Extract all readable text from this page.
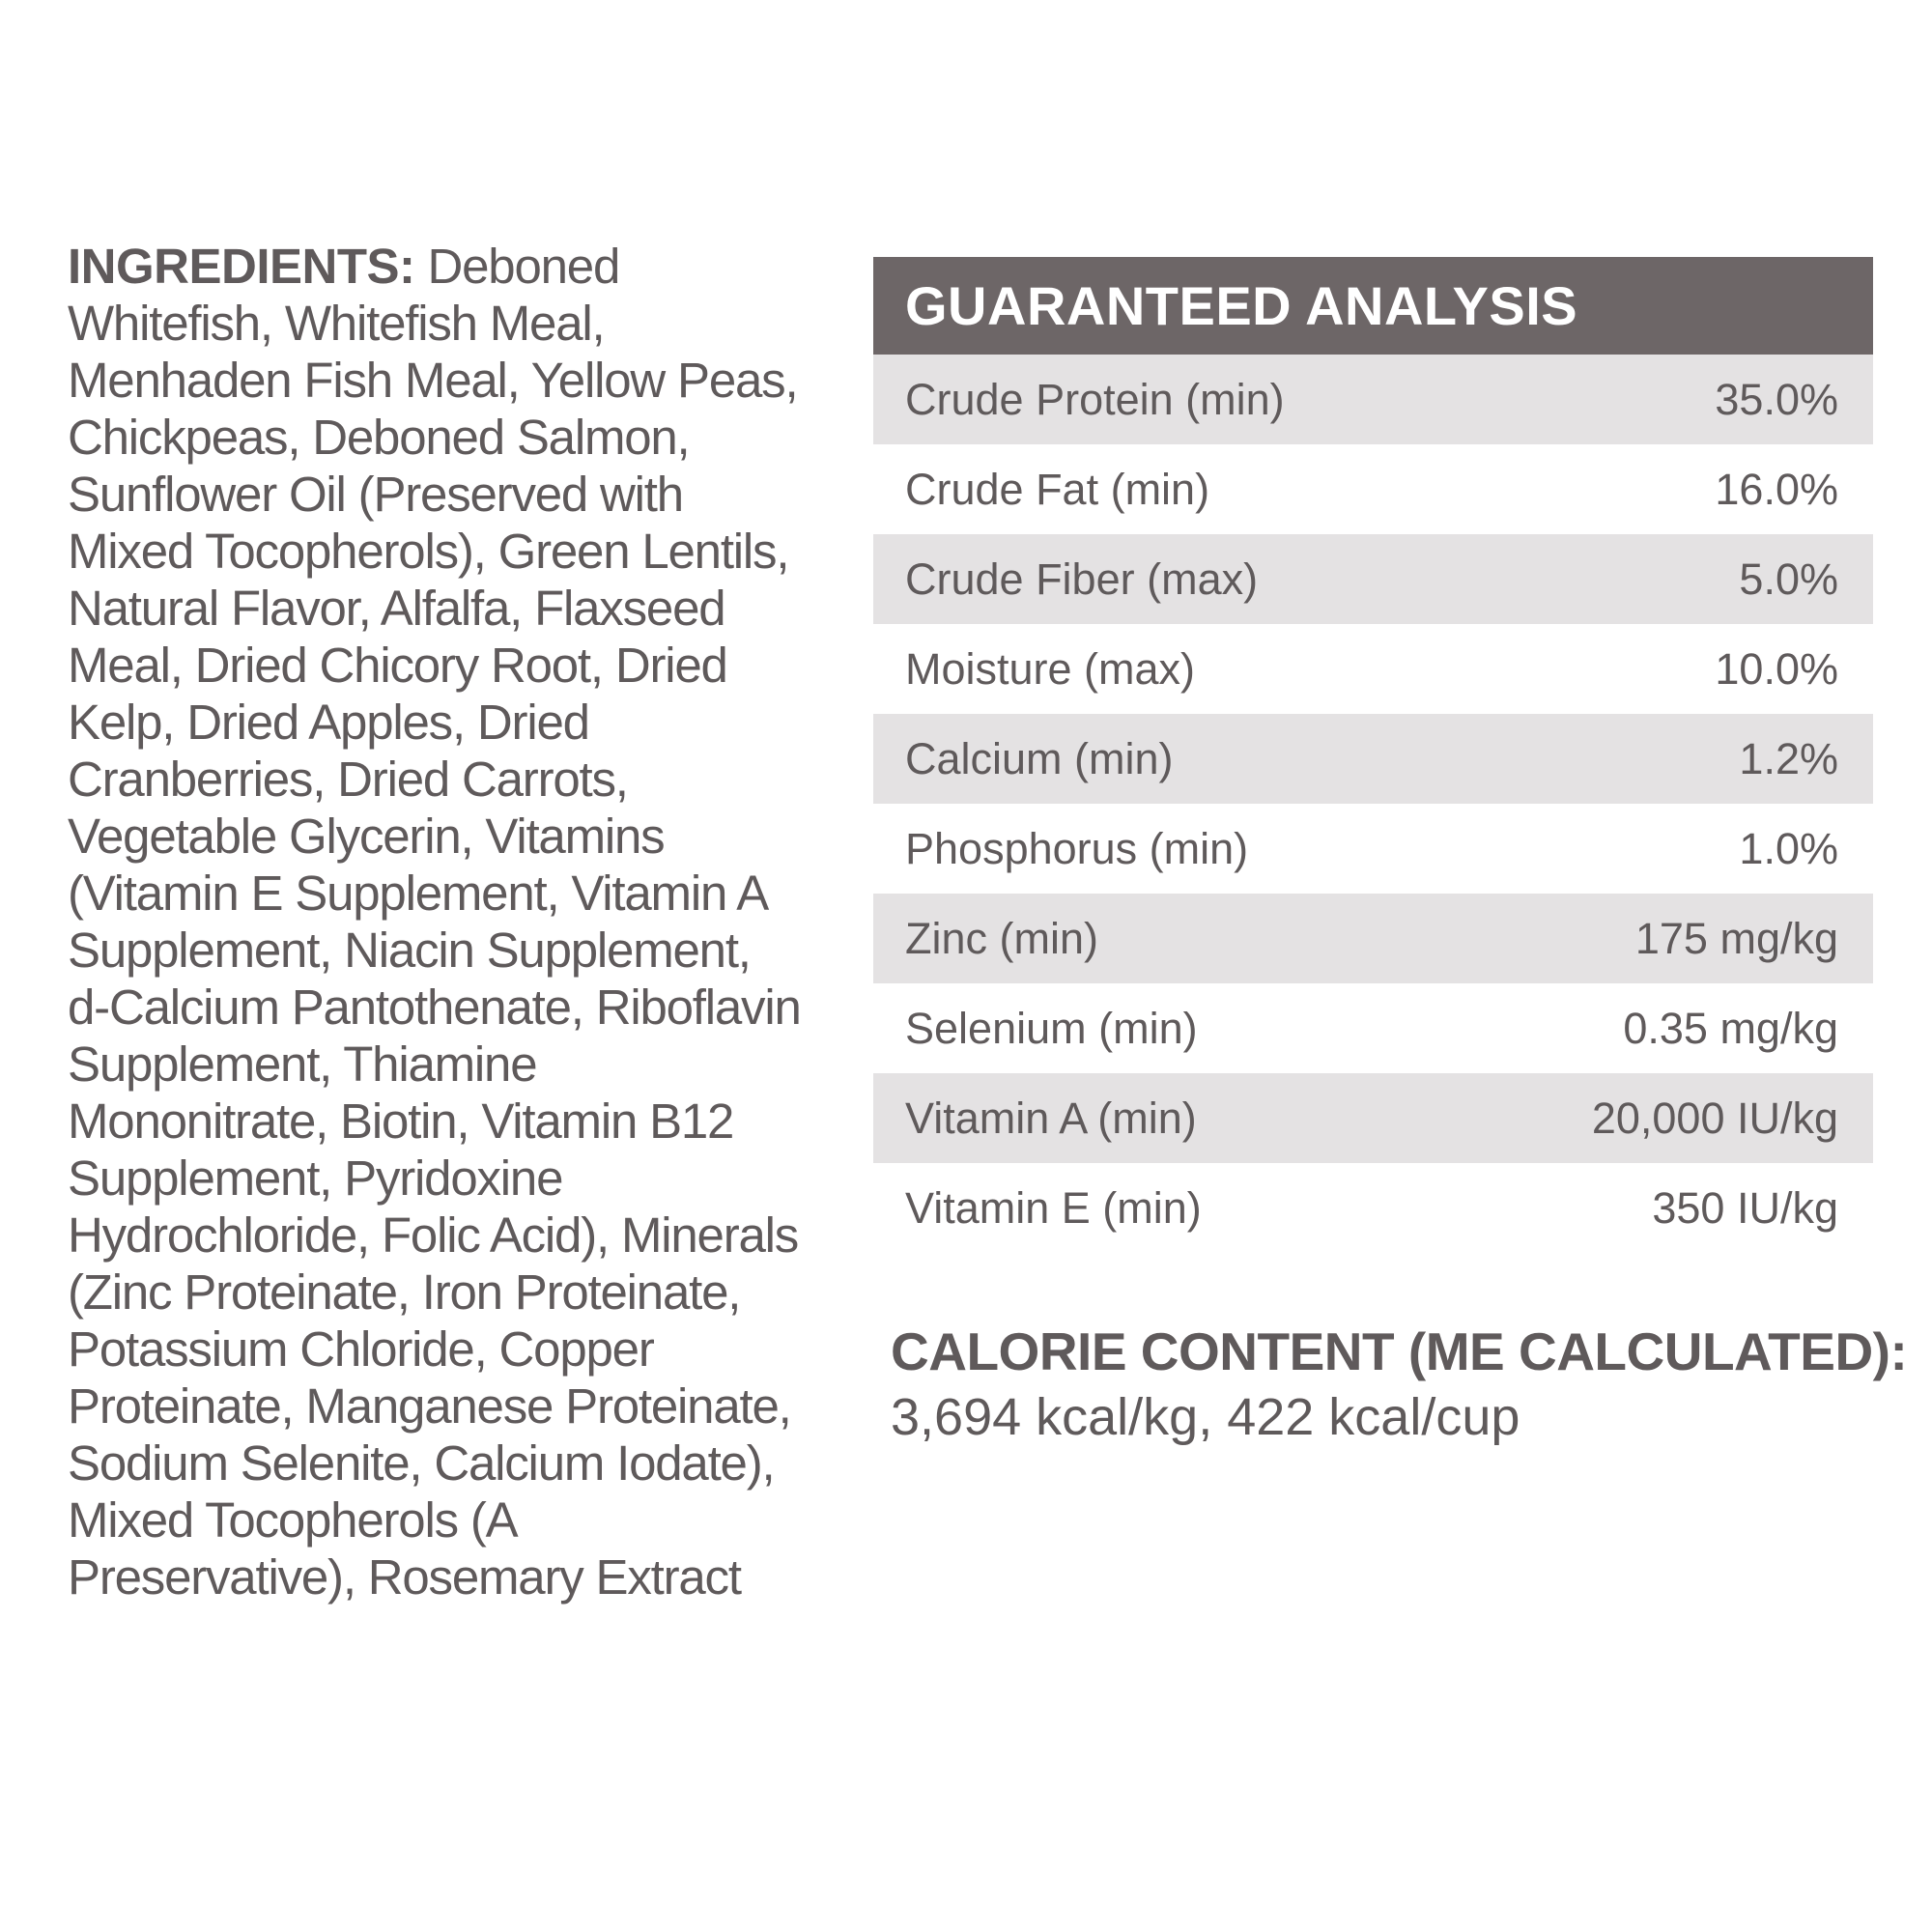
INGREDIENTS: Deboned Whitefish, Whitefish Meal, Menhaden Fish Meal, Yellow Peas, Chickpeas, Deboned Salmon, Sunflower Oil (Preserved with Mixed Tocopherols), Green Lentils, Natural Flavor, Alfalfa, Flaxseed Meal, Dried Chicory Root, Dried Kelp, Dried Apples, Dried Cranberries, Dried Carrots, Vegetable Glycerin, Vitamins (Vitamin E Supplement, Vitamin A Supplement, Niacin Supplement, d-Calcium Pantothenate, Riboflavin Supplement, Thiamine Mononitrate, Biotin, Vitamin B12 Supplement, Pyridoxine Hydrochloride, Folic Acid), Minerals (Zinc Proteinate, Iron Proteinate, Potassium Chloride, Copper Proteinate, Manganese Proteinate, Sodium Selenite, Calcium Iodate), Mixed Tocopherols (A Preservative), Rosemary Extract
GUARANTEED ANALYSIS
Crude Protein (min)	35.0%
Crude Fat (min)	16.0%
Crude Fiber (max)	5.0%
Moisture (max)	10.0%
Calcium (min)	1.2%
Phosphorus (min)	1.0%
Zinc (min)	175 mg/kg
Selenium (min)	0.35 mg/kg
Vitamin A (min)	20,000 IU/kg
Vitamin E (min)	350 IU/kg
CALORIE CONTENT (ME CALCULATED):
3,694 kcal/kg, 422 kcal/cup
